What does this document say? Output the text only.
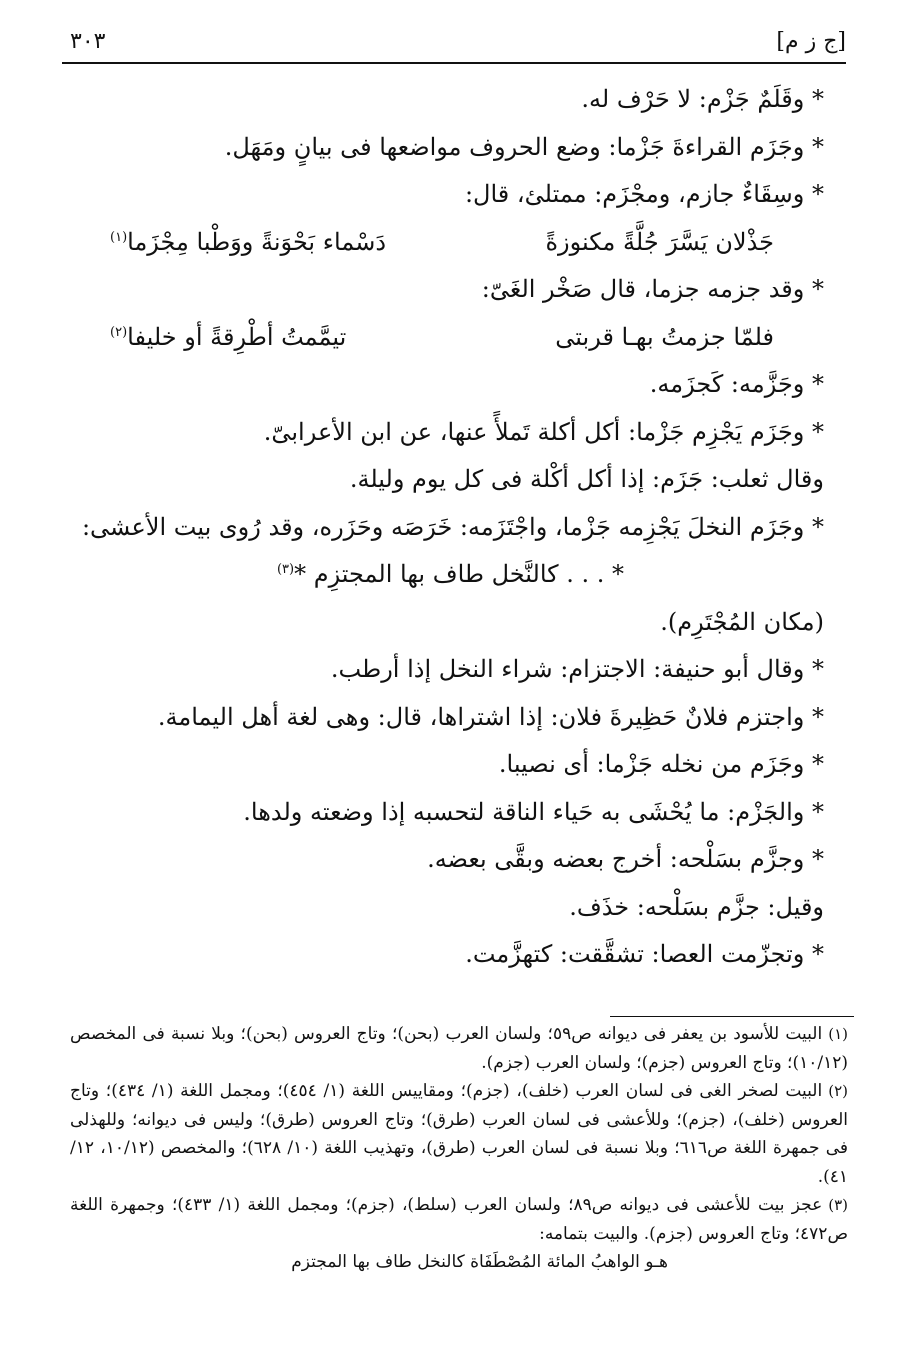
[ج ز م]
٣٠٣
* وقَلَمٌ جَزْم: لا حَرْف له.
* وجَزَم القراءةَ جَزْما: وضع الحروف مواضعها فى بيانٍ ومَهَل.
* وسِقَاءٌ جازم، ومجْزَم: ممتلئ، قال:
جَذْلان يَسَّرَ جُلَّةً مكنوزةً
دَسْماء بَحْوَنةً ووَطْبا مِجْزَما$^{(١)}$
* وقد جزمه جزما، قال صَخْر الغَىّ:
فلمّا جزمتُ بهـا قربتى
تيمَّمتُ أطْرِقةً أو خليفا$^{(٢)}$
* وجَزَّمه: كَجزَمه.
* وجَزَم يَجْزِم جَزْما: أكل أكلة تَملأً عنها، عن ابن الأعرابىّ.
وقال ثعلب: جَزَم: إذا أكل أكْلة فى كل يوم وليلة.
* وجَزَم النخلَ يَجْزِمه جَزْما، واجْتَزَمه: خَرَصَه وحَزَره، وقد رُوى بيت الأعشى:
* . . . كالنَّخل طاف بها المجتزِم *$^{(٣)}$
(مكان المُجْتَرِم).
* وقال أبو حنيفة: الاجتزام: شراء النخل إذا أرطب.
* واجتزم فلانٌ حَظِيرةَ فلان: إذا اشتراها، قال: وهى لغة أهل اليمامة.
* وجَزَم من نخله جَزْما: أى نصيبا.
* والجَزْم: ما يُحْشَى به حَياء الناقة لتحسبه إذا وضعته ولدها.
* وجزَّم بسَلْحه: أخرج بعضه وبقَّى بعضه.
وقيل: جزَّم بسَلْحه: خذَف.
* وتجزّمت العصا: تشقَّقت: كتهزَّمت.

(١)البيت للأسود بن يعفر فى ديوانه ص٥٩؛ ولسان العرب (بحن)؛ وتاج العروس (بحن)؛ وبلا نسبة فى المخصص (١٠/١٢)؛ وتاج العروس (جزم)؛ ولسان العرب (جزم).

(٢)البيت لصخر الغى فى لسان العرب (خلف)، (جزم)؛ ومقاييس اللغة (١/ ٤٥٤)؛ ومجمل اللغة (١/ ٤٣٤)؛ وتاج العروس (خلف)، (جزم)؛ وللأعشى فى لسان العرب (طرق)؛ وتاج العروس (طرق)؛ وليس فى ديوانه؛ وللهذلى فى جمهرة اللغة ص٦١٦؛ وبلا نسبة فى لسان العرب (طرق)، وتهذيب اللغة (١٠/ ٦٢٨)؛ والمخصص (١٠/١٢، ١٢/ ٤١).

(٣)عجز بيت للأعشى فى ديوانه ص٨٩؛ ولسان العرب (سلط)، (جزم)؛ ومجمل اللغة (١/ ٤٣٣)؛ وجمهرة اللغة ص٤٧٢؛ وتاج العروس (جزم). والبيت بتمامه:

هـو الواهبُ المائة المُصْطَفَا
ة كالنخل طاف بها المجتزم
